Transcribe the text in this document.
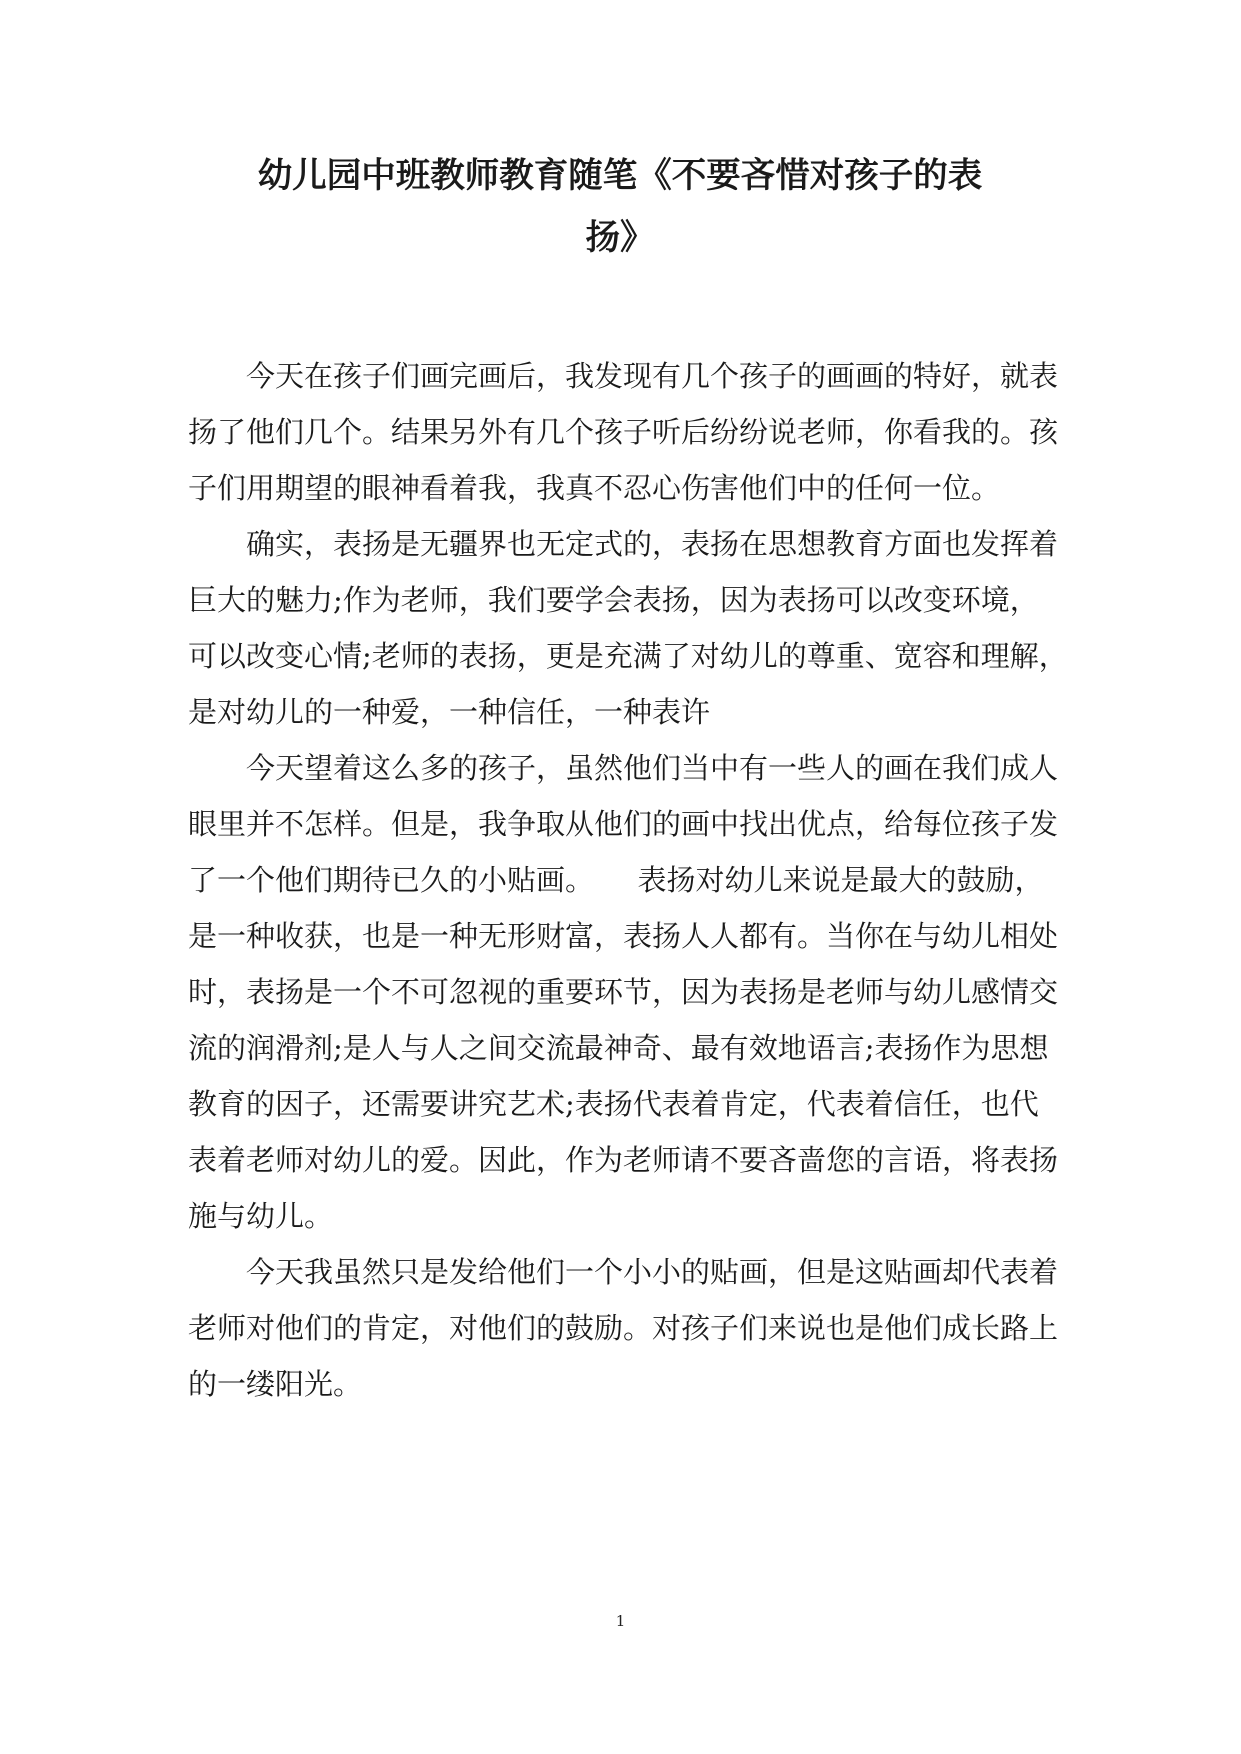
幼儿园中班教师教育随笔《不要吝惜对孩子的表
扬》

　　今天在孩子们画完画后，我发现有几个孩子的画画的特好，就表
扬了他们几个。结果另外有几个孩子听后纷纷说老师，你看我的。孩
子们用期望的眼神看着我，我真不忍心伤害他们中的任何一位。

　　确实，表扬是无疆界也无定式的，表扬在思想教育方面也发挥着
巨大的魅力;作为老师，我们要学会表扬，因为表扬可以改变环境，
可以改变心情;老师的表扬，更是充满了对幼儿的尊重、宽容和理解，
是对幼儿的一种爱，一种信任，一种表许

　　今天望着这么多的孩子，虽然他们当中有一些人的画在我们成人
眼里并不怎样。但是，我争取从他们的画中找出优点，给每位孩子发
了一个他们期待已久的小贴画。　　表扬对幼儿来说是最大的鼓励，
是一种收获，也是一种无形财富，表扬人人都有。当你在与幼儿相处
时，表扬是一个不可忽视的重要环节，因为表扬是老师与幼儿感情交
流的润滑剂;是人与人之间交流最神奇、最有效地语言;表扬作为思想
教育的因子，还需要讲究艺术;表扬代表着肯定，代表着信任，也代
表着老师对幼儿的爱。因此，作为老师请不要吝啬您的言语，将表扬
施与幼儿。

　　今天我虽然只是发给他们一个小小的贴画，但是这贴画却代表着
老师对他们的肯定，对他们的鼓励。对孩子们来说也是他们成长路上
的一缕阳光。

1
